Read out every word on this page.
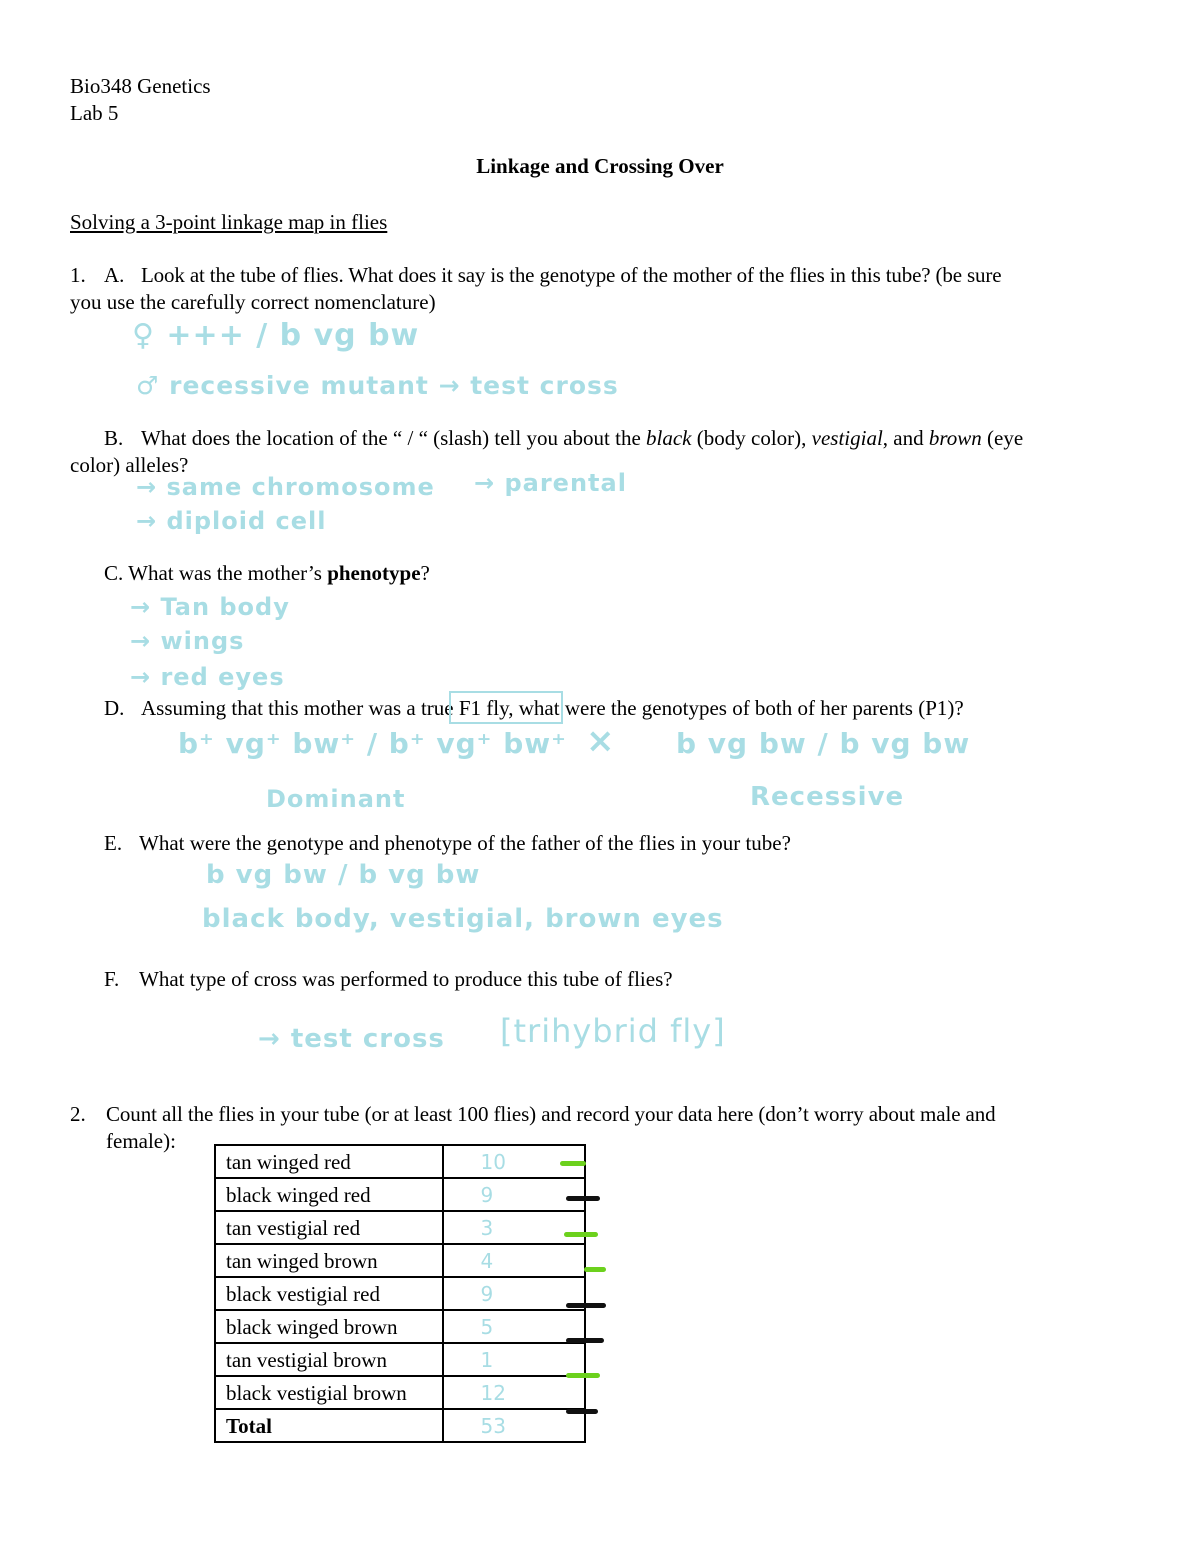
Bio348 Genetics
Lab 5
Linkage and Crossing Over
Solving a 3-point linkage map in flies
1. A. Look at the tube of flies. What does it say is the genotype of the mother of the flies in this tube? (be sure
you use the carefully correct nomenclature)
♀ +++ / b vg bw
♂ recessive mutant → test cross
B. What does the location of the “ / “ (slash) tell you about the black (body color), vestigial, and brown (eye
color) alleles?
→ same chromosome → parental
→ diploid cell
C. What was the mother’s phenotype?
→ Tan body
→ wings
→ red eyes
D. Assuming that this mother was a true F1 fly, what were the genotypes of both of her parents (P1)?
b⁺ vg⁺ bw⁺ / b⁺ vg⁺ bw⁺ × b vg bw / b vg bw
Dominant	Recessive
E. What were the genotype and phenotype of the father of the flies in your tube?
b vg bw / b vg bw
black body, vestigial, brown eyes
F. What type of cross was performed to produce this tube of flies?
→ test cross [trihybrid fly]
2. Count all the flies in your tube (or at least 100 flies) and record your data here (don’t worry about male and
female):
tan winged red	10
black winged red	9
tan vestigial red	3
tan winged brown	4
black vestigial red	9
black winged brown	5
tan vestigial brown	1
black vestigial brown	12
Total	53
